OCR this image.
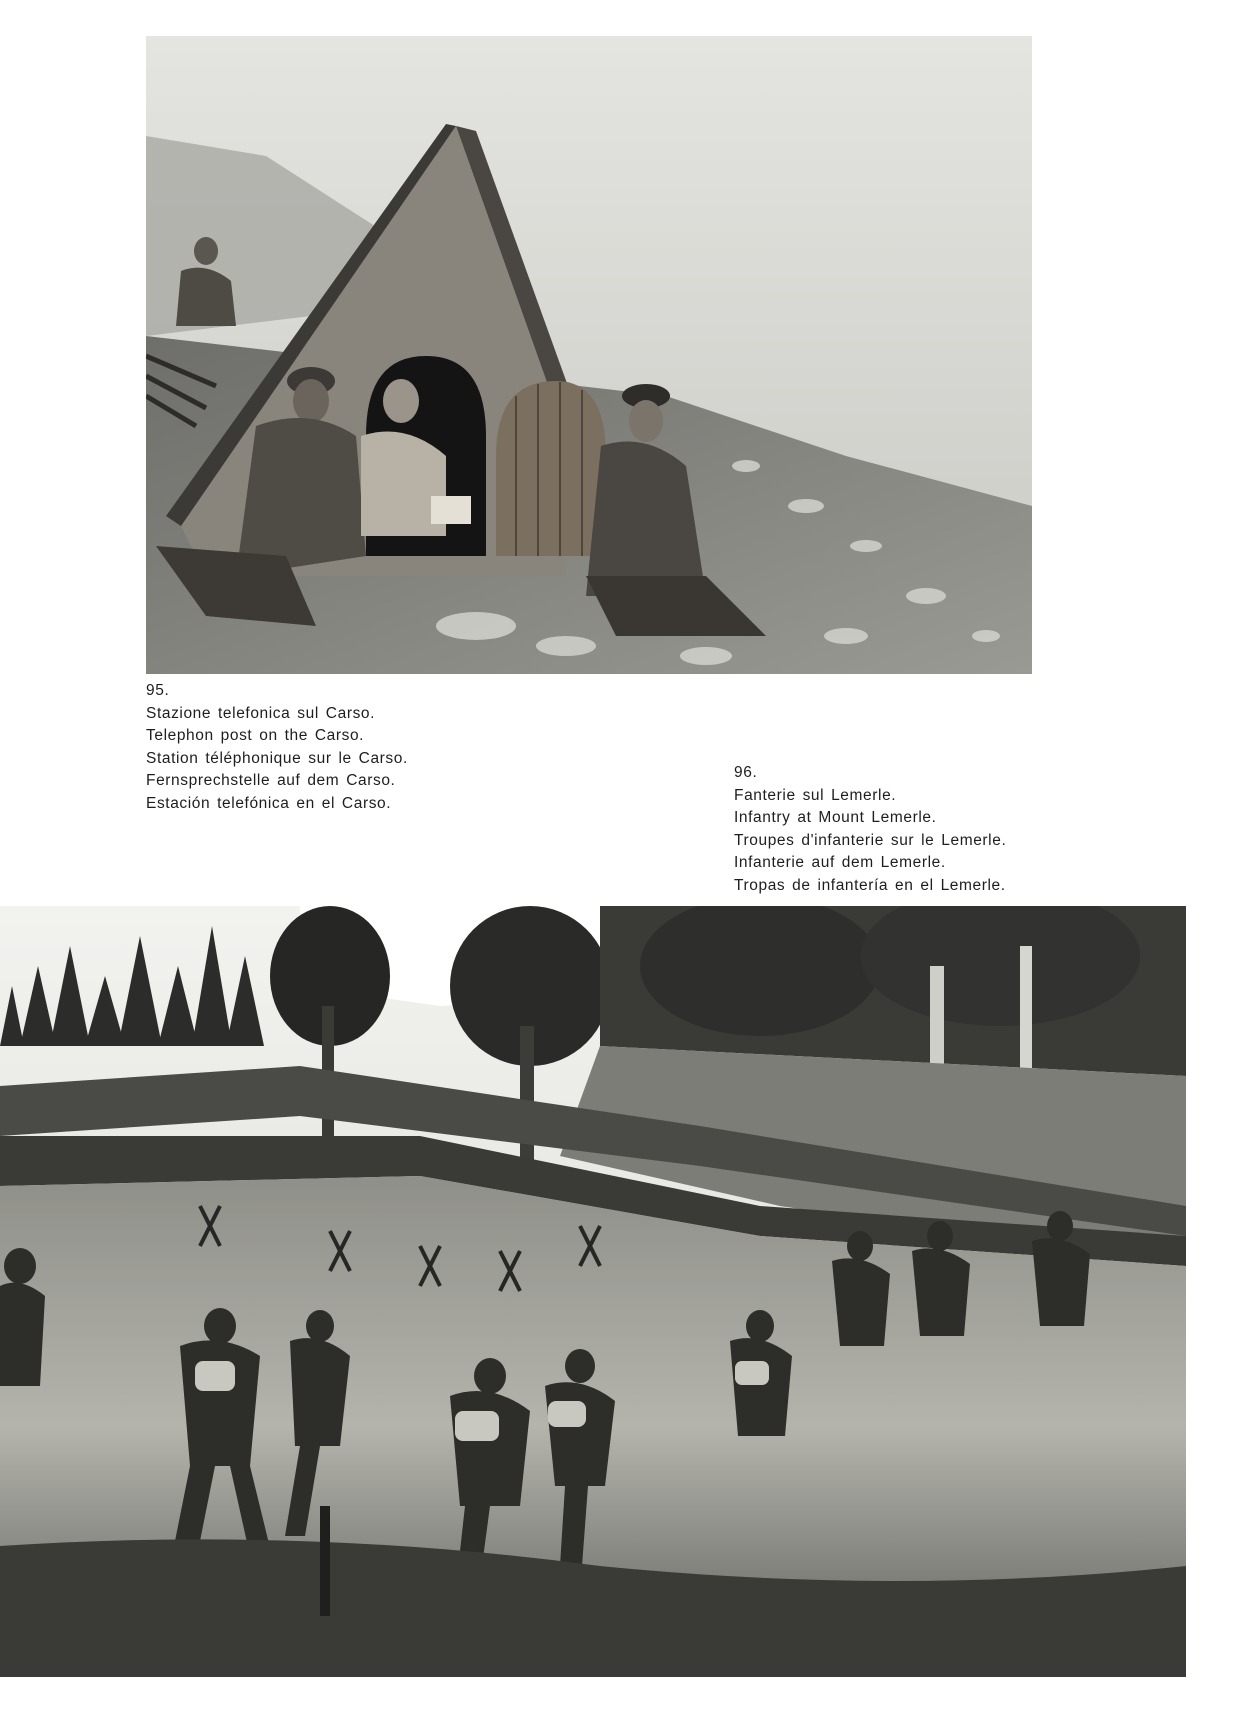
95.
Stazione telefonica sul Carso.
Telephon post on the Carso.
Station téléphonique sur le Carso.
Fernsprechstelle auf dem Carso.
Estación telefónica en el Carso.
96.
Fanterie sul Lemerle.
Infantry at Mount Lemerle.
Troupes d'infanterie sur le Lemerle.
Infanterie auf dem Lemerle.
Tropas de infantería en el Lemerle.
